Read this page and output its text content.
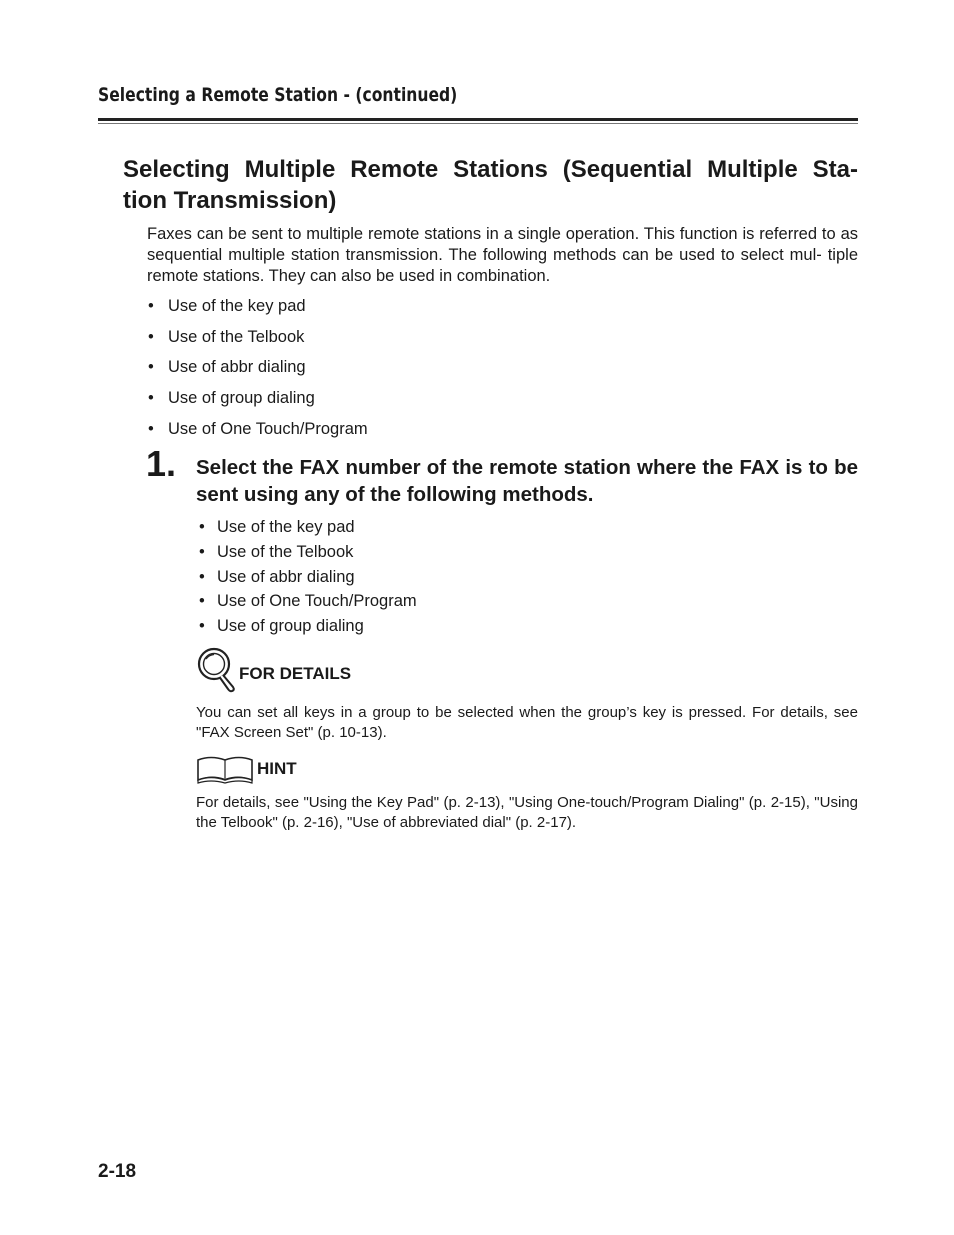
Selecting a Remote Station - (continued)
Selecting Multiple Remote Stations (Sequential Multiple Sta- tion Transmission)

Faxes can be sent to multiple remote stations in a single operation. This function is referred to as sequential multiple station transmission. The following methods can be used to select mul- tiple remote stations. They can also be used in combination.

• Use of the key pad
• Use of the Telbook
• Use of abbr dialing
• Use of group dialing
• Use of One Touch/Program
1. Select the FAX number of the remote station where the FAX is to be sent using any of the following methods.

• Use of the key pad
• Use of the Telbook
• Use of abbr dialing
• Use of One Touch/Program
• Use of group dialing
FOR DETAILS

You can set all keys in a group to be selected when the group’s key is pressed. For details, see "FAX Screen Set" (p. 10-13).

HINT

For details, see "Using the Key Pad" (p. 2-13), "Using One-touch/Program Dialing" (p. 2-15), "Using the Telbook" (p. 2-16), "Use of abbreviated dial" (p. 2-17).

2-18
